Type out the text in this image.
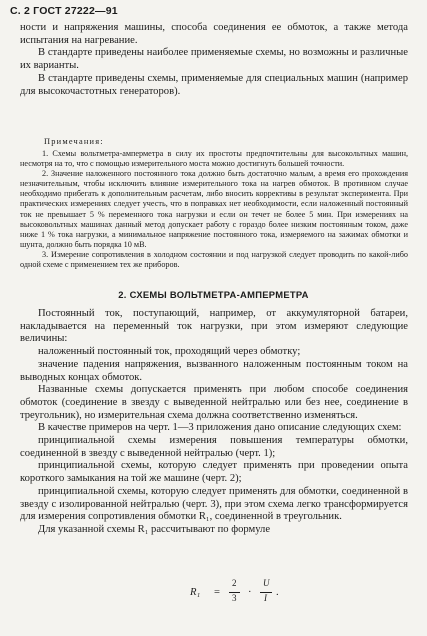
С. 2 ГОСТ 27222—91

ности и напряжения машины, способа соединения ее обмоток, а также метода испытания на нагревание.

В стандарте приведены наиболее применяемые схемы, но возможны и различные их варианты.

В стандарте приведены схемы, применяемые для специальных машин (например для высокочастотных генераторов).

Примечания:

1. Схемы вольтметра-амперметра в силу их простоты предпочтительны для высокольтных машин, несмотря на то, что с помощью измерительного моста можно достигнуть большей точности.

2. Значение наложенного постоянного тока должно быть достаточно малым, а время его прохождения незначительным, чтобы исключить влияние измерительного тока на нагрев обмоток. В противном случае необходимо прибегать к дополнительным расчетам, либо вносить коррективы в результат эксперимента. При практических измерениях следует учесть, что в поправках нет необходимости, если наложенный постоянный ток не превышает 5 % переменного тока нагрузки и если он течет не более 5 мин. При измерениях на высоковольтных машинах данный метод допускает работу с гораздо более низким постоянным током, даже ниже 1 % тока нагрузки, а минимальное напряжение постоянного тока, измеряемого на зажимах обмотки и шунта, должно быть порядка 10 мВ.

3. Измерение сопротивления в холодном состоянии и под нагрузкой следует проводить по какой-либо одной схеме с применением тех же приборов.

2. СХЕМЫ ВОЛЬТМЕТРА-АМПЕРМЕТРА

Постоянный ток, поступающий, например, от аккумуляторной батареи, накладывается на переменный ток нагрузки, при этом измеряют следующие величины:

наложенный постоянный ток, проходящий через обмотку;

значение падения напряжения, вызванного наложенным постоянным током на выводных концах обмоток.

Названные схемы допускается применять при любом способе соединения обмоток (соединение в звезду с выведенной нейтралью или без нее, соединение в треугольник), но измерительная схема должна соответственно изменяться.

В качестве примеров на черт. 1—3 приложения дано описание следующих схем:

принципиальной схемы измерения повышения температуры обмотки, соединенной в звезду с выведенной нейтралью (черт. 1);

принципиальной схемы, которую следует применять при проведении опыта короткого замыкания на той же машине (черт. 2);

принципиальной схемы, которую следует применять для обмотки, соединенной в звезду с изолированной нейтралью (черт. 3), при этом схема легко трансформируется для измерения сопротивления обмотки R₁, соединенной в треугольник.

Для указанной схемы R₁ рассчитывают по формуле

R₁ =
2
3 ·
U
I .
